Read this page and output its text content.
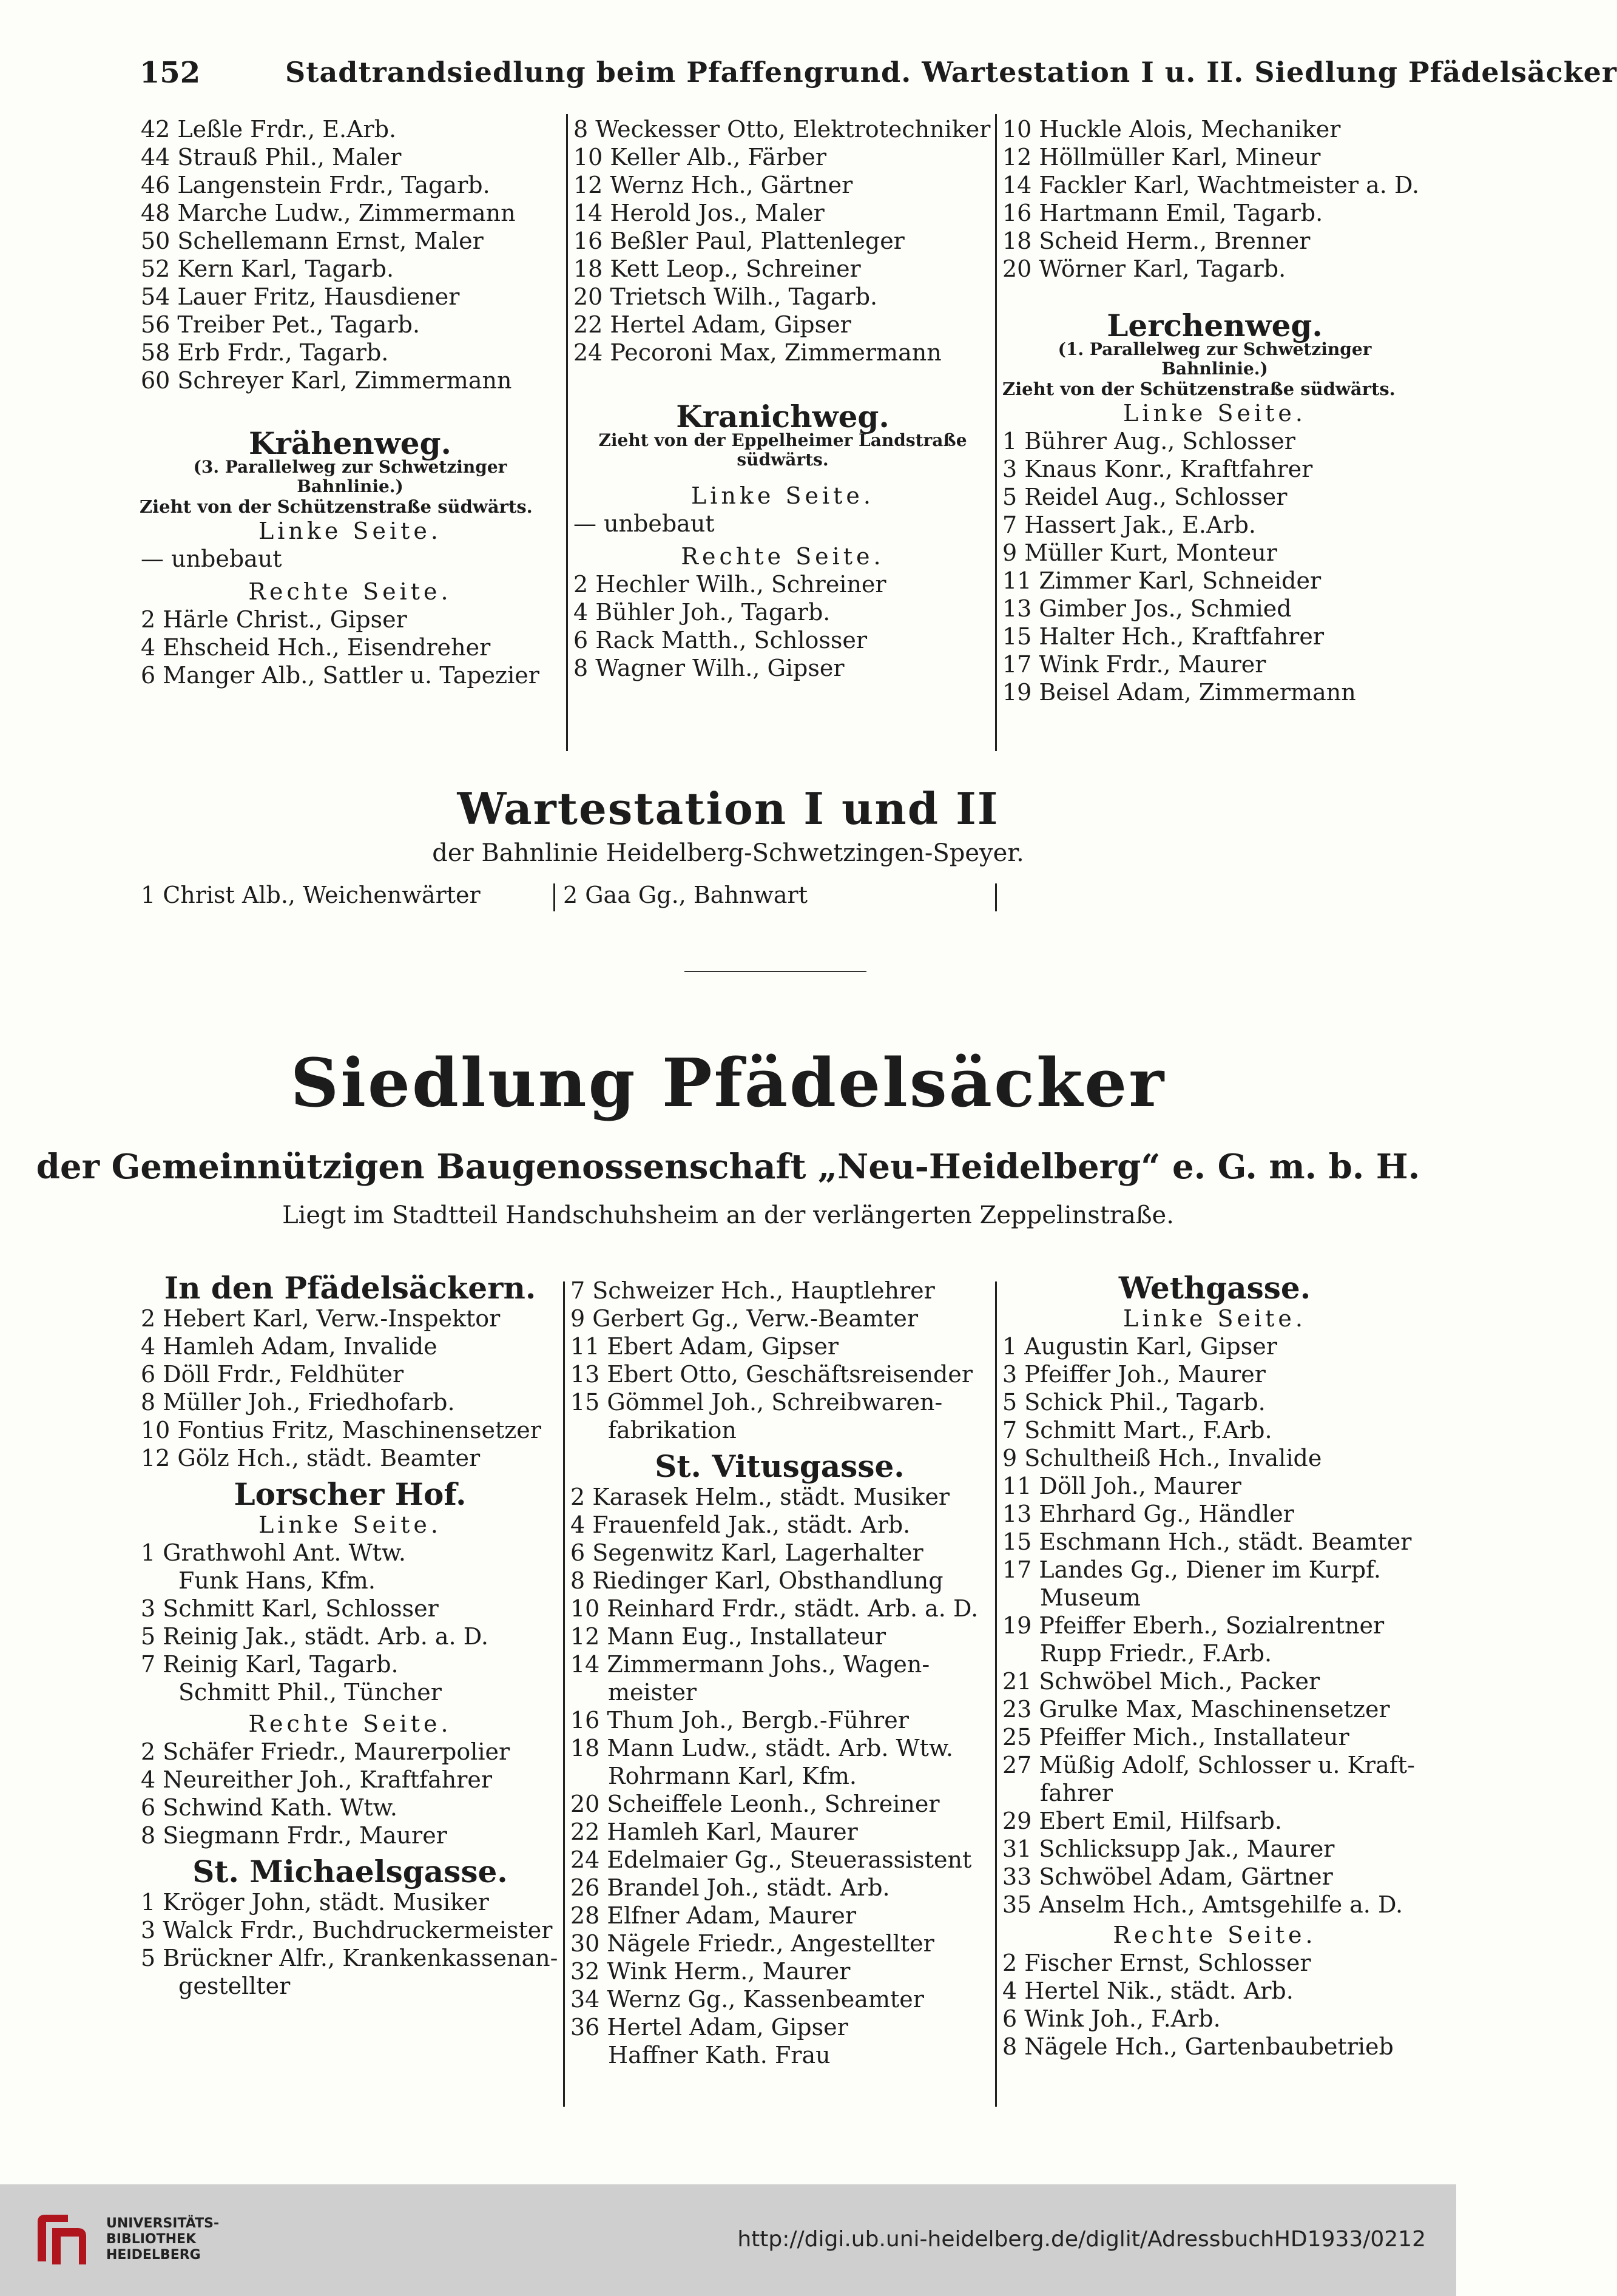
152	Stadtrandsiedlung beim Pfaffengrund. Wartestation I u. II. Siedlung Pfädelsäcker
42 Leßle Frdr., E.Arb.
44 Strauß Phil., Maler
46 Langenstein Frdr., Tagarb.
48 Marche Ludw., Zimmermann
50 Schellemann Ernst, Maler
52 Kern Karl, Tagarb.
54 Lauer Fritz, Hausdiener
56 Treiber Pet., Tagarb.
58 Erb Frdr., Tagarb.
60 Schreyer Karl, Zimmermann
Krähenweg.
(3. Parallelweg zur Schwetzinger
Bahnlinie.)
Zieht von der Schützenstraße südwärts.
Linke Seite.
— unbebaut
Rechte Seite.
2 Härle Christ., Gipser
4 Ehscheid Hch., Eisendreher
6 Manger Alb., Sattler u. Tapezier
8 Weckesser Otto, Elektrotechniker
10 Keller Alb., Färber
12 Wernz Hch., Gärtner
14 Herold Jos., Maler
16 Beßler Paul, Plattenleger
18 Kett Leop., Schreiner
20 Trietsch Wilh., Tagarb.
22 Hertel Adam, Gipser
24 Pecoroni Max, Zimmermann
Kranichweg.
Zieht von der Eppelheimer Landstraße
südwärts.
Linke Seite.
— unbebaut
Rechte Seite.
2 Hechler Wilh., Schreiner
4 Bühler Joh., Tagarb.
6 Rack Matth., Schlosser
8 Wagner Wilh., Gipser
10 Huckle Alois, Mechaniker
12 Höllmüller Karl, Mineur
14 Fackler Karl, Wachtmeister a. D.
16 Hartmann Emil, Tagarb.
18 Scheid Herm., Brenner
20 Wörner Karl, Tagarb.
Lerchenweg.
(1. Parallelweg zur Schwetzinger
Bahnlinie.)
Zieht von der Schützenstraße südwärts.
Linke Seite.
1 Bührer Aug., Schlosser
3 Knaus Konr., Kraftfahrer
5 Reidel Aug., Schlosser
7 Hassert Jak., E.Arb.
9 Müller Kurt, Monteur
11 Zimmer Karl, Schneider
13 Gimber Jos., Schmied
15 Halter Hch., Kraftfahrer
17 Wink Frdr., Maurer
19 Beisel Adam, Zimmermann
Wartestation I und II
der Bahnlinie Heidelberg-Schwetzingen-Speyer.
1 Christ Alb., Weichenwärter	2 Gaa Gg., Bahnwart
Siedlung Pfädelsäcker
der Gemeinnützigen Baugenossenschaft „Neu-Heidelberg“ e. G. m. b. H.
Liegt im Stadtteil Handschuhsheim an der verlängerten Zeppelinstraße.
In den Pfädelsäckern.
2 Hebert Karl, Verw.-Inspektor
4 Hamleh Adam, Invalide
6 Döll Frdr., Feldhüter
8 Müller Joh., Friedhofarb.
10 Fontius Fritz, Maschinensetzer
12 Gölz Hch., städt. Beamter
Lorscher Hof.
Linke Seite.
1 Grathwohl Ant. Wtw.
Funk Hans, Kfm.
3 Schmitt Karl, Schlosser
5 Reinig Jak., städt. Arb. a. D.
7 Reinig Karl, Tagarb.
Schmitt Phil., Tüncher
Rechte Seite.
2 Schäfer Friedr., Maurerpolier
4 Neureither Joh., Kraftfahrer
6 Schwind Kath. Wtw.
8 Siegmann Frdr., Maurer
St. Michaelsgasse.
1 Kröger John, städt. Musiker
3 Walck Frdr., Buchdruckermeister
5 Brückner Alfr., Krankenkassenan-
gestellter
7 Schweizer Hch., Hauptlehrer
9 Gerbert Gg., Verw.-Beamter
11 Ebert Adam, Gipser
13 Ebert Otto, Geschäftsreisender
15 Gömmel Joh., Schreibwaren-
fabrikation
St. Vitusgasse.
2 Karasek Helm., städt. Musiker
4 Frauenfeld Jak., städt. Arb.
6 Segenwitz Karl, Lagerhalter
8 Riedinger Karl, Obsthandlung
10 Reinhard Frdr., städt. Arb. a. D.
12 Mann Eug., Installateur
14 Zimmermann Johs., Wagen-
meister
16 Thum Joh., Bergb.-Führer
18 Mann Ludw., städt. Arb. Wtw.
Rohrmann Karl, Kfm.
20 Scheiffele Leonh., Schreiner
22 Hamleh Karl, Maurer
24 Edelmaier Gg., Steuerassistent
26 Brandel Joh., städt. Arb.
28 Elfner Adam, Maurer
30 Nägele Friedr., Angestellter
32 Wink Herm., Maurer
34 Wernz Gg., Kassenbeamter
36 Hertel Adam, Gipser
Haffner Kath. Frau
Wethgasse.
Linke Seite.
1 Augustin Karl, Gipser
3 Pfeiffer Joh., Maurer
5 Schick Phil., Tagarb.
7 Schmitt Mart., F.Arb.
9 Schultheiß Hch., Invalide
11 Döll Joh., Maurer
13 Ehrhard Gg., Händler
15 Eschmann Hch., städt. Beamter
17 Landes Gg., Diener im Kurpf.
Museum
19 Pfeiffer Eberh., Sozialrentner
Rupp Friedr., F.Arb.
21 Schwöbel Mich., Packer
23 Grulke Max, Maschinensetzer
25 Pfeiffer Mich., Installateur
27 Müßig Adolf, Schlosser u. Kraft-
fahrer
29 Ebert Emil, Hilfsarb.
31 Schlicksupp Jak., Maurer
33 Schwöbel Adam, Gärtner
35 Anselm Hch., Amtsgehilfe a. D.
Rechte Seite.
2 Fischer Ernst, Schlosser
4 Hertel Nik., städt. Arb.
6 Wink Joh., F.Arb.
8 Nägele Hch., Gartenbaubetrieb
UNIVERSITÄTS-
BIBLIOTHEK
HEIDELBERG
http://digi.ub.uni-heidelberg.de/diglit/AdressbuchHD1933/0212
